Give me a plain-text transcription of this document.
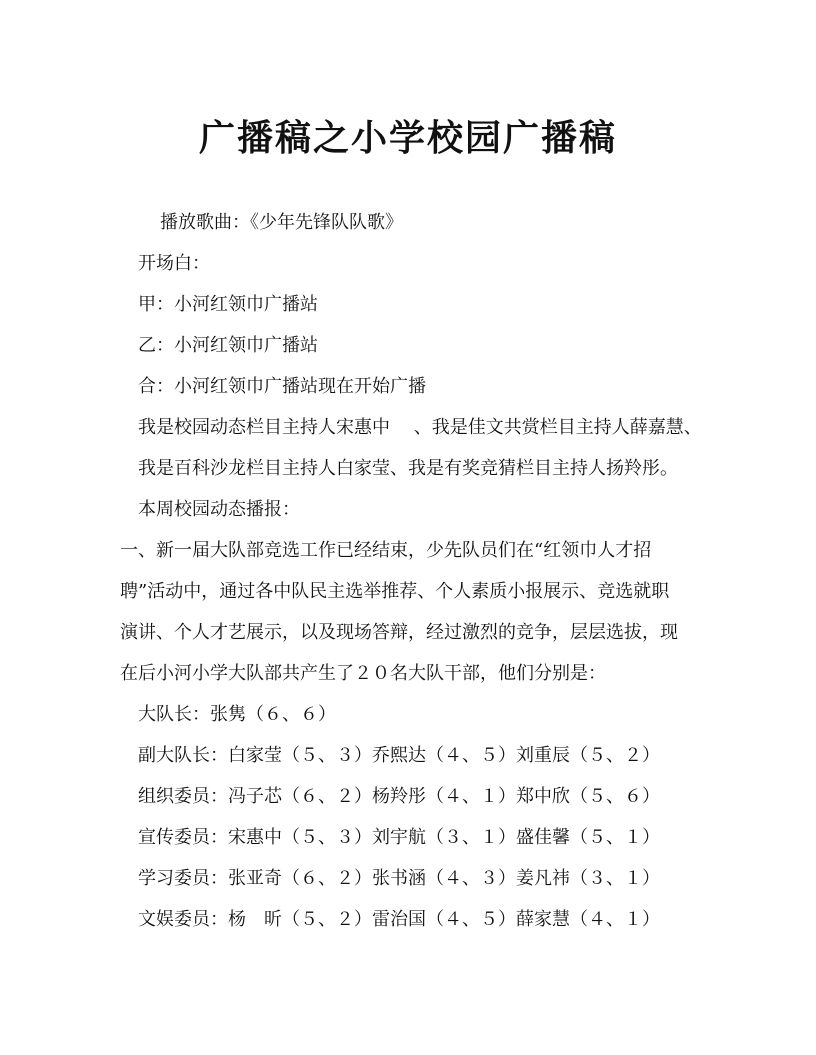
广播稿之小学校园广播稿

播放歌曲：《少年先锋队队歌》

开场白：

甲：小河红领巾广播站

乙：小河红领巾广播站

合：小河红领巾广播站现在开始广播

我是校园动态栏目主持人宋惠中　 、我是佳文共赏栏目主持人薛嘉慧、

我是百科沙龙栏目主持人白家莹、我是有奖竞猜栏目主持人扬羚彤。

本周校园动态播报：

一、新一届大队部竞选工作已经结束，少先队员们在“红领巾人才招

聘”活动中，通过各中队民主选举推荐、个人素质小报展示、竞选就职

演讲、个人才艺展示，以及现场答辩，经过激烈的竞争，层层选拔，现

在后小河小学大队部共产生了２０名大队干部，他们分别是：

大队长：张隽（６、６）

副大队长：白家莹（５、３）乔熙达（４、５）刘重辰（５、２）

组织委员：冯子芯（６、２）杨羚彤（４、１）郑中欣（５、６）

宣传委员：宋惠中（５、３）刘宇航（３、１）盛佳馨（５、１）

学习委员：张亚奇（６、２）张书涵（４、３）姜凡祎（３、１）

文娱委员：杨　昕（５、２）雷治国（４、５）薛家慧（４、１）
